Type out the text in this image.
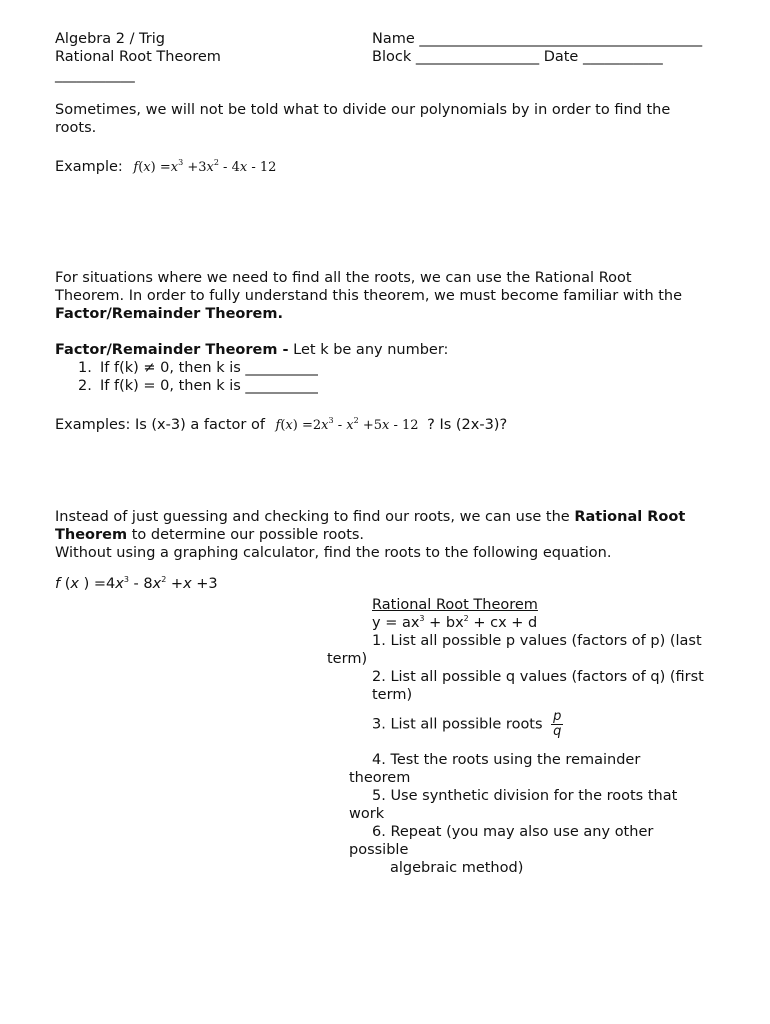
Algebra 2 / Trig
Rational Root Theorem
___________
Name _______________________________________
Block _________________ Date ___________
Sometimes, we will not be told what to divide our polynomials by in order to find the
roots.
Example: $f(x) =x^3 +3x^2 - 4x - 12$
For situations where we need to find all the roots, we can use the Rational Root
Theorem. In order to fully understand this theorem, we must become familiar with the
Factor/Remainder Theorem.
Factor/Remainder Theorem - Let k be any number:
1. If f(k) ≠ 0, then k is __________
2. If f(k) = 0, then k is __________
Examples: Is (x-3) a factor of $f(x) =2x^3 - x^2 +5x - 12$ ? Is (2x-3)?
Instead of just guessing and checking to find our roots, we can use the Rational Root
Theorem to determine our possible roots.
Without using a graphing calculator, find the roots to the following equation.
f (x ) $=4x^3 - 8x^2 +x +3$
Rational Root Theorem
$y = ax^3 + bx^2$ + cx + d
1. List all possible p values (factors of p) (last
term)
2. List all possible q values (factors of q) (first
term)
3. List all possible roots $\frac{p}{q}$
4. Test the roots using the remainder
theorem
5. Use synthetic division for the roots that
work
6. Repeat (you may also use any other
possible
algebraic method)
